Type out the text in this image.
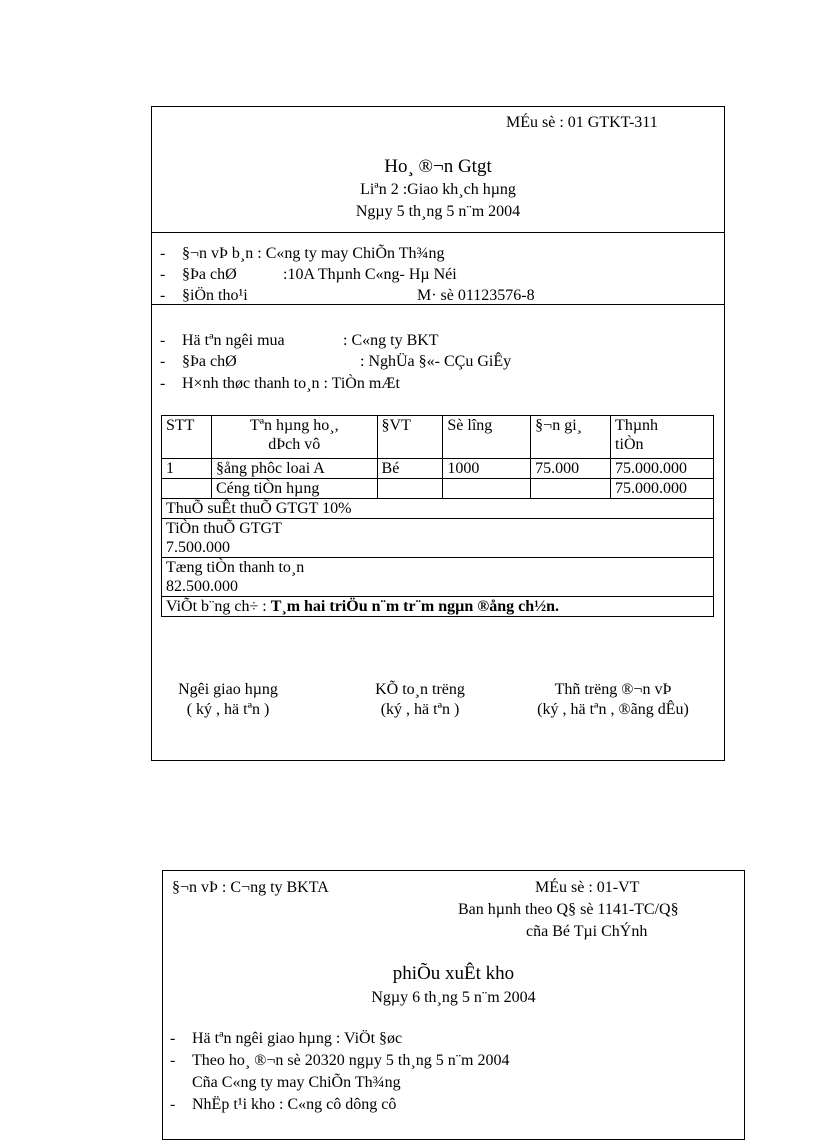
MÉu sè : 01 GTKT-311
Ho¸ ®¬n Gtgt
Liªn 2 :Giao kh¸ch hµng
Ngµy 5 th¸ng 5 n¨m 2004
- §¬n vÞ b¸n : C«ng ty may ChiÕn Th¾ng
- §Þa chØ	:10A Thµnh C«ng- Hµ Néi
- §iÖn tho¹i	M· sè 01123576-8
- Hä tªn ngêi mua	: C«ng ty BKT
- §Þa chØ	: NghÜa §«- CÇu GiÊy
- H×nh thøc thanh to¸n : TiÒn mÆt
STT	Tªn hµng ho¸, dÞch vô	§VT	Sè lîng	§¬n gi¸	Thµnh tiÒn
1	§ång phôc loai A	Bé	1000	75.000	75.000.000
	Céng tiÒn hµng				75.000.000
ThuÕ suÊt thuÕ GTGT 10%					

TiÒn thuÕ GTGT
7.500.000					

Tæng tiÒn thanh to¸n
82.500.000					

ViÕt b¨ng ch÷ : T¸m hai triÖu n¨m tr¨m ngµn ®ång ch½n.					
Ngêi giao hµng
( ký , hä tªn )
KÕ to¸n trëng
(ký , hä tªn )
Thñ trëng ®¬n vÞ
(ký , hä tªn , ®ãng dÊu)
§¬n vÞ : C¬ng ty BKTA	MÉu sè : 01-VT
Ban hµnh theo Q§ sè 1141-TC/Q§
cña Bé Tµi ChÝnh
phiÕu xuÊt kho
Ngµy 6 th¸ng 5 n¨m 2004
- Hä tªn ngêi giao hµng : ViÖt §øc
- Theo ho¸ ®¬n sè 20320 ngµy 5 th¸ng 5 n¨m 2004
Cña C«ng ty may ChiÕn Th¾ng
- NhËp t¹i kho : C«ng cô dông cô
